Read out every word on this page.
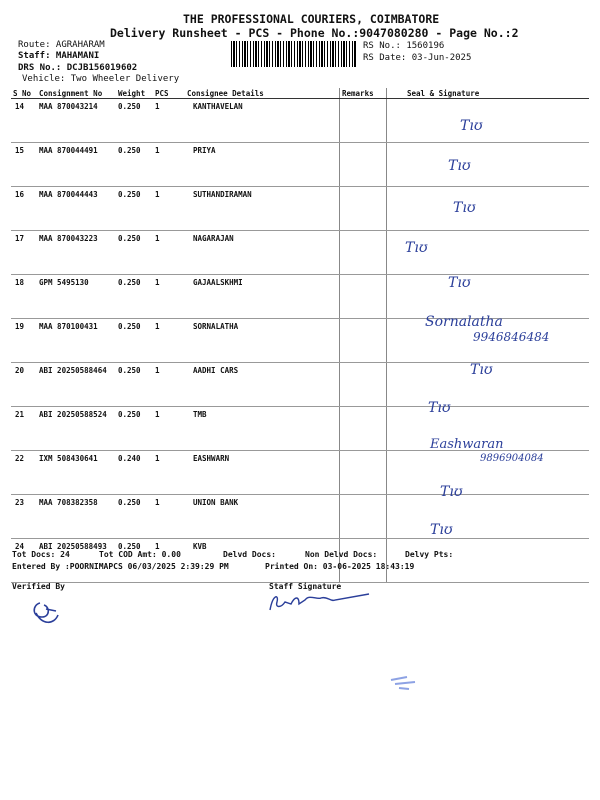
THE PROFESSIONAL COURIERS, COIMBATORE
Delivery Runsheet - PCS - Phone No.:9047080280 - Page No.:2
Route: AGRAHARAM
Staff: MAHAMANI
RS No.: 1560196
RS Date: 03-Jun-2025
DRS No.: DCJB156019602
Vehicle: Two Wheeler Delivery
S No	Consignment No	Weight	PCS	Consignee Details	Remarks	Seal & Signature
14	MAA 870043214	0.250	1	KANTHAVELAN		
15	MAA 870044491	0.250	1	PRIYA		
16	MAA 870044443	0.250	1	SUTHANDIRAMAN		
17	MAA 870043223	0.250	1	NAGARAJAN		
18	GPM 5495130	0.250	1	GAJAALSKHMI		
19	MAA 870100431	0.250	1	SORNALATHA		
20	ABI 20250588464	0.250	1	AADHI CARS		
21	ABI 20250588524	0.250	1	TMB		
22	IXM 508430641	0.240	1	EASHWARN		
23	MAA 708382358	0.250	1	UNION BANK		
24	ABI 20250588493	0.250	1	KVB		
Tıʊ
Tıʊ
Tıʊ
Tıʊ
Tıʊ
Sornalatha
9946846484
Tıʊ
Tıʊ
Eashwaran
9896904084
Tıʊ
Tıʊ
Tot Docs: 24	Tot COD Amt: 0.00	Delvd Docs:	Non Delvd Docs:	Delvy Pts:
Entered By :POORNIMAPCS 06/03/2025 2:39:29 PM	Printed On: 03-06-2025 18:43:19
Verified By	Staff Signature
